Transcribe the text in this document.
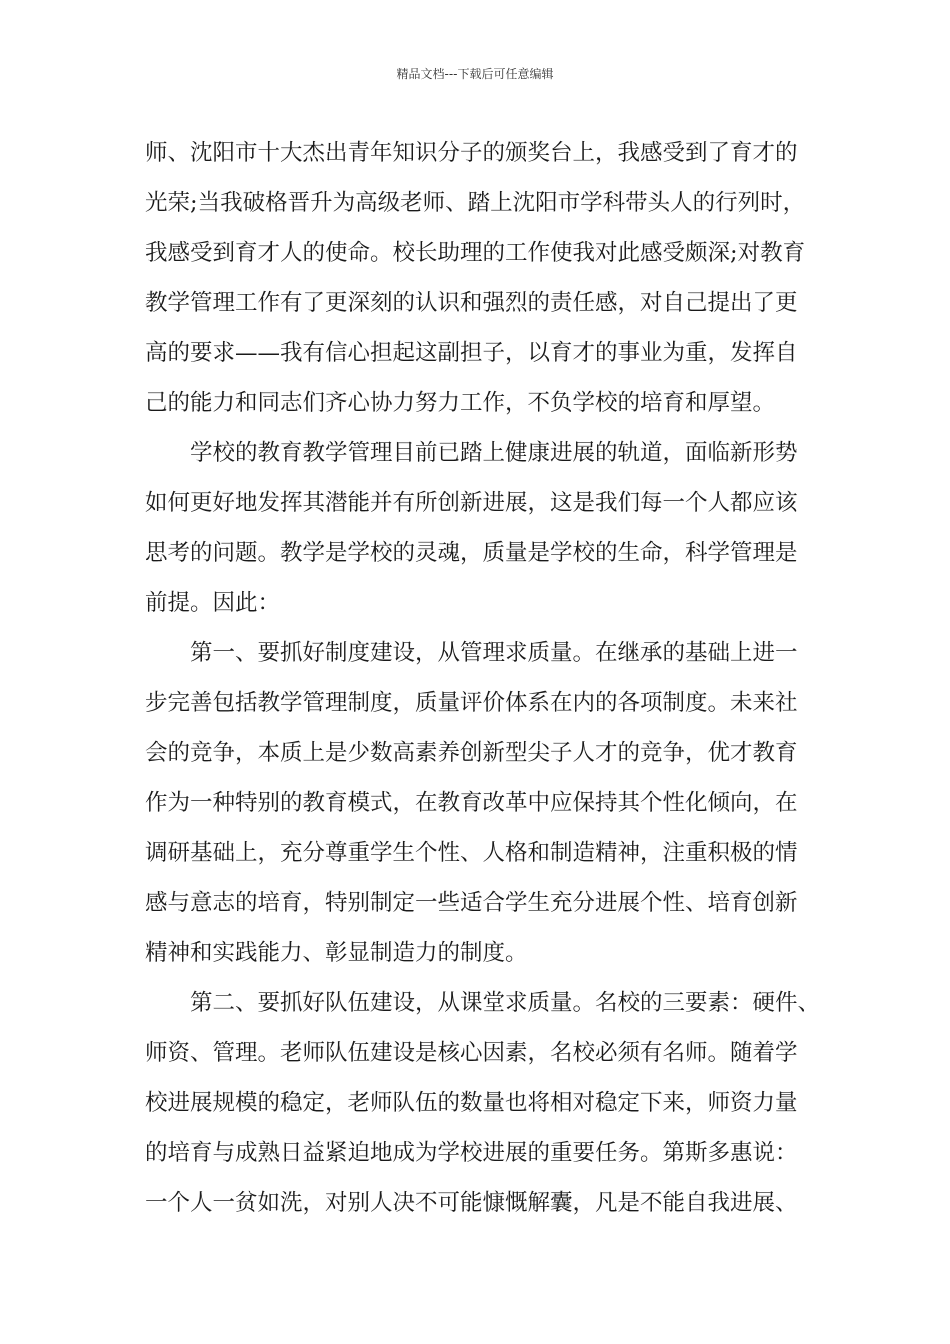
精品文档---下载后可任意编辑
师、沈阳市十大杰出青年知识分子的颁奖台上，我感受到了育才的
光荣;当我破格晋升为高级老师、踏上沈阳市学科带头人的行列时，
我感受到育才人的使命。校长助理的工作使我对此感受颇深;对教育
教学管理工作有了更深刻的认识和强烈的责任感，对自己提出了更
高的要求——我有信心担起这副担子，以育才的事业为重，发挥自
己的能力和同志们齐心协力努力工作，不负学校的培育和厚望。
　　学校的教育教学管理目前已踏上健康进展的轨道，面临新形势
如何更好地发挥其潜能并有所创新进展，这是我们每一个人都应该
思考的问题。教学是学校的灵魂，质量是学校的生命，科学管理是
前提。因此：
　　第一、要抓好制度建设，从管理求质量。在继承的基础上进一
步完善包括教学管理制度，质量评价体系在内的各项制度。未来社
会的竞争，本质上是少数高素养创新型尖子人才的竞争，优才教育
作为一种特别的教育模式，在教育改革中应保持其个性化倾向，在
调研基础上，充分尊重学生个性、人格和制造精神，注重积极的情
感与意志的培育，特别制定一些适合学生充分进展个性、培育创新
精神和实践能力、彰显制造力的制度。
　　第二、要抓好队伍建设，从课堂求质量。名校的三要素：硬件、
师资、管理。老师队伍建设是核心因素，名校必须有名师。随着学
校进展规模的稳定，老师队伍的数量也将相对稳定下来，师资力量
的培育与成熟日益紧迫地成为学校进展的重要任务。第斯多惠说：
一个人一贫如洗，对别人决不可能慷慨解囊，凡是不能自我进展、
